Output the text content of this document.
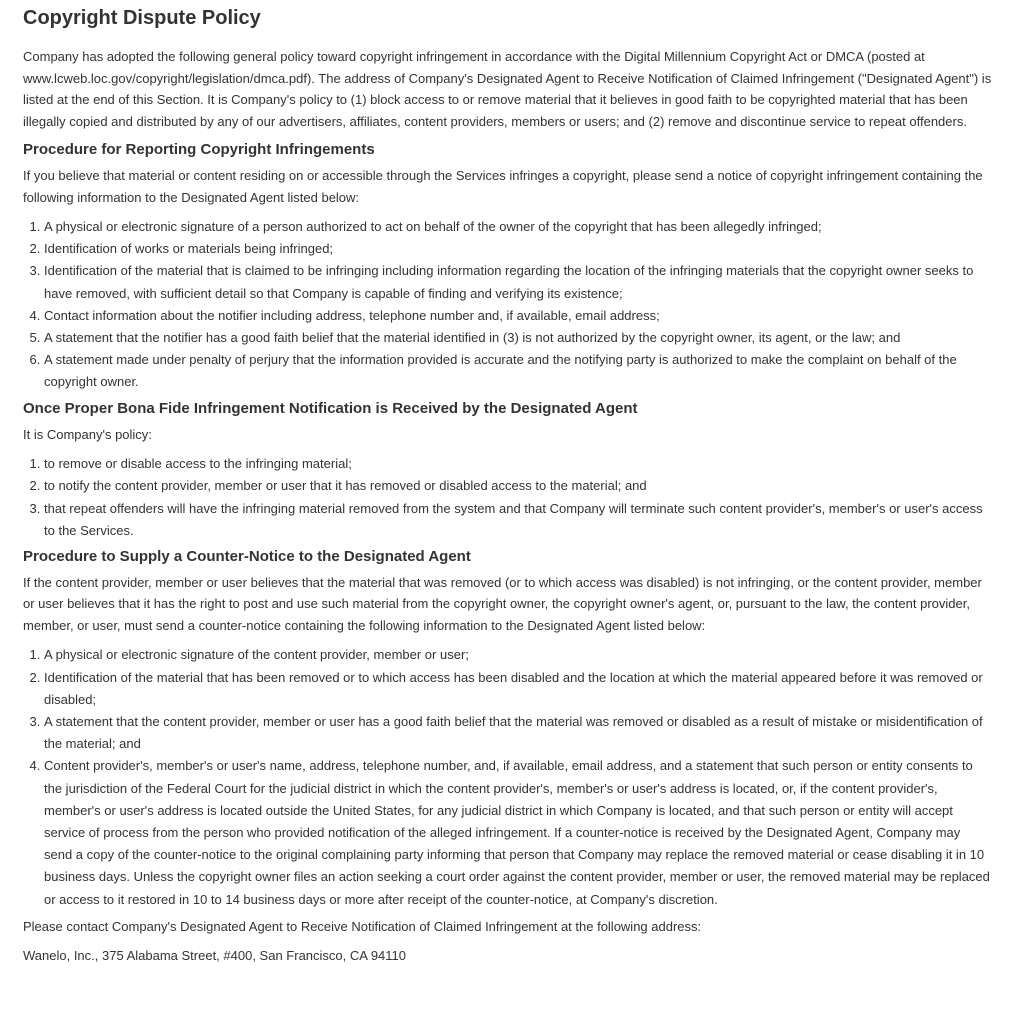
Copyright Dispute Policy

Company has adopted the following general policy toward copyright infringement in accordance with the Digital Millennium Copyright Act or DMCA (posted at www.lcweb.loc.gov/copyright/legislation/dmca.pdf). The address of Company's Designated Agent to Receive Notification of Claimed Infringement ("Designated Agent") is listed at the end of this Section. It is Company's policy to (1) block access to or remove material that it believes in good faith to be copyrighted material that has been illegally copied and distributed by any of our advertisers, affiliates, content providers, members or users; and (2) remove and discontinue service to repeat offenders.

Procedure for Reporting Copyright Infringements

If you believe that material or content residing on or accessible through the Services infringes a copyright, please send a notice of copyright infringement containing the following information to the Designated Agent listed below:

1. A physical or electronic signature of a person authorized to act on behalf of the owner of the copyright that has been allegedly infringed;
2. Identification of works or materials being infringed;
3. Identification of the material that is claimed to be infringing including information regarding the location of the infringing materials that the copyright owner seeks to have removed, with sufficient detail so that Company is capable of finding and verifying its existence;
4. Contact information about the notifier including address, telephone number and, if available, email address;
5. A statement that the notifier has a good faith belief that the material identified in (3) is not authorized by the copyright owner, its agent, or the law; and
6. A statement made under penalty of perjury that the information provided is accurate and the notifying party is authorized to make the complaint on behalf of the copyright owner.
Once Proper Bona Fide Infringement Notification is Received by the Designated Agent

It is Company's policy:

1. to remove or disable access to the infringing material;
2. to notify the content provider, member or user that it has removed or disabled access to the material; and
3. that repeat offenders will have the infringing material removed from the system and that Company will terminate such content provider's, member's or user's access to the Services.
Procedure to Supply a Counter-Notice to the Designated Agent

If the content provider, member or user believes that the material that was removed (or to which access was disabled) is not infringing, or the content provider, member or user believes that it has the right to post and use such material from the copyright owner, the copyright owner's agent, or, pursuant to the law, the content provider, member, or user, must send a counter-notice containing the following information to the Designated Agent listed below:

1. A physical or electronic signature of the content provider, member or user;
2. Identification of the material that has been removed or to which access has been disabled and the location at which the material appeared before it was removed or disabled;
3. A statement that the content provider, member or user has a good faith belief that the material was removed or disabled as a result of mistake or misidentification of the material; and
4. Content provider's, member's or user's name, address, telephone number, and, if available, email address, and a statement that such person or entity consents to the jurisdiction of the Federal Court for the judicial district in which the content provider's, member's or user's address is located, or, if the content provider's, member's or user's address is located outside the United States, for any judicial district in which Company is located, and that such person or entity will accept service of process from the person who provided notification of the alleged infringement. If a counter-notice is received by the Designated Agent, Company may send a copy of the counter-notice to the original complaining party informing that person that Company may replace the removed material or cease disabling it in 10 business days. Unless the copyright owner files an action seeking a court order against the content provider, member or user, the removed material may be replaced or access to it restored in 10 to 14 business days or more after receipt of the counter-notice, at Company's discretion.

Please contact Company's Designated Agent to Receive Notification of Claimed Infringement at the following address:

Wanelo, Inc., 375 Alabama Street, #400, San Francisco, CA 94110
